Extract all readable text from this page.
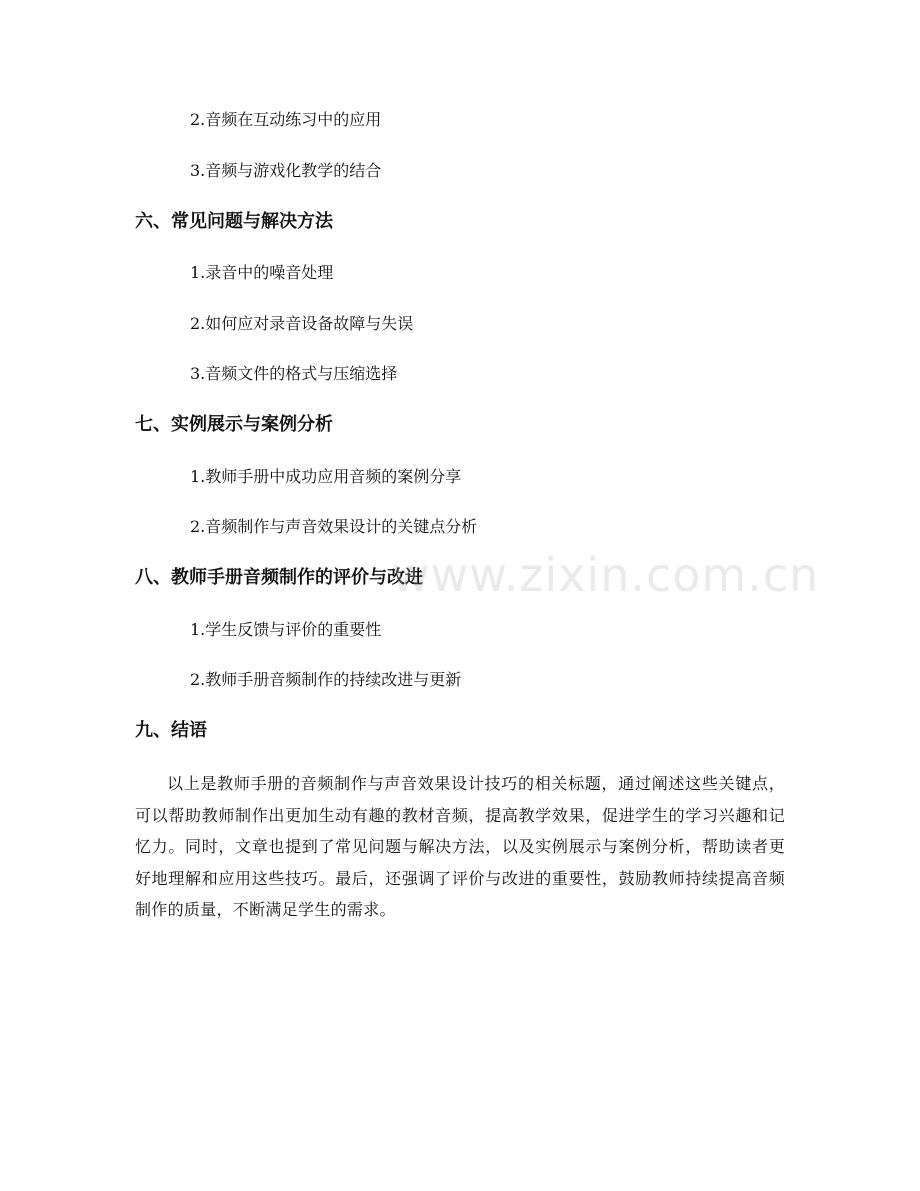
2.音频在互动练习中的应用
3.音频与游戏化教学的结合
六、常见问题与解决方法
1.录音中的噪音处理
2.如何应对录音设备故障与失误
3.音频文件的格式与压缩选择
七、实例展示与案例分析
1.教师手册中成功应用音频的案例分享
2.音频制作与声音效果设计的关键点分析
八、教师手册音频制作的评价与改进
1.学生反馈与评价的重要性
2.教师手册音频制作的持续改进与更新
九、结语

以上是教师手册的音频制作与声音效果设计技巧的相关标题，通过阐述这些关键点，可以帮助教师制作出更加生动有趣的教材音频，提高教学效果，促进学生的学习兴趣和记忆力。同时，文章也提到了常见问题与解决方法，以及实例展示与案例分析，帮助读者更好地理解和应用这些技巧。最后，还强调了评价与改进的重要性，鼓励教师持续提高音频制作的质量，不断满足学生的需求。

www.zixin.com.cn
